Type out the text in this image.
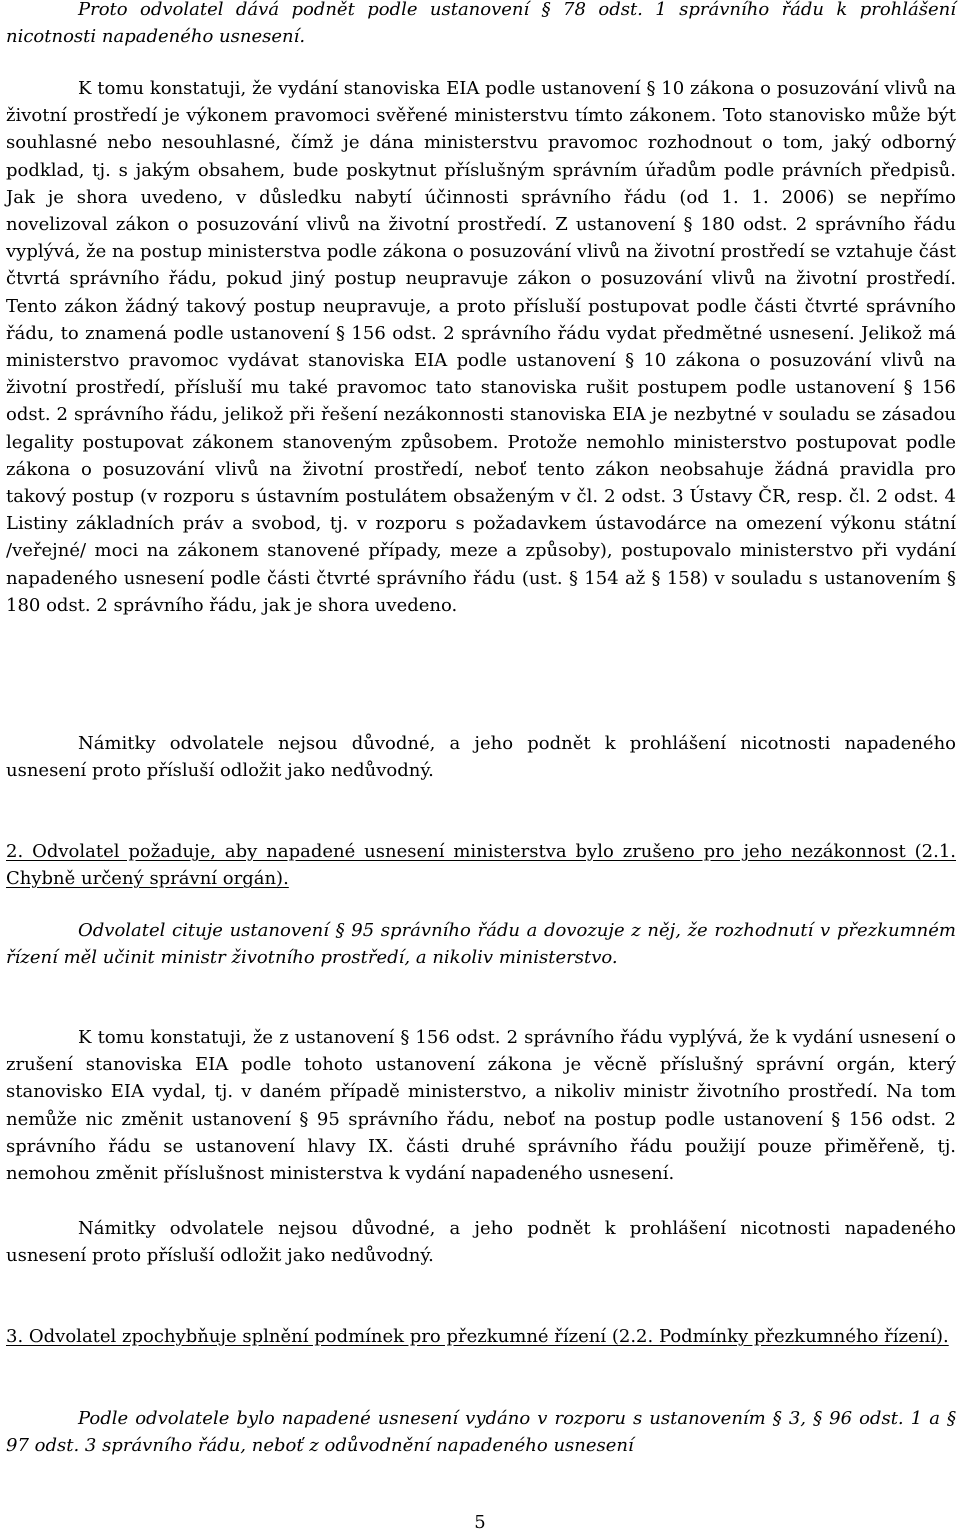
Proto odvolatel dává podnět podle ustanovení § 78 odst. 1 správního řádu k prohlášení nicotnosti napadeného usnesení.

K tomu konstatuji, že vydání stanoviska EIA podle ustanovení § 10 zákona o posuzování vlivů na životní prostředí je výkonem pravomoci svěřené ministerstvu tímto zákonem. Toto stanovisko může být souhlasné nebo nesouhlasné, čímž je dána ministerstvu pravomoc rozhodnout o tom, jaký odborný podklad, tj. s jakým obsahem, bude poskytnut příslušným správním úřadům podle právních předpisů. Jak je shora uvedeno, v důsledku nabytí účinnosti správního řádu (od 1. 1. 2006) se nepřímo novelizoval zákon o posuzování vlivů na životní prostředí. Z ustanovení § 180 odst. 2 správního řádu vyplývá, že na postup ministerstva podle zákona o posuzování vlivů na životní prostředí se vztahuje část čtvrtá správního řádu, pokud jiný postup neupravuje zákon o posuzování vlivů na životní prostředí. Tento zákon žádný takový postup neupravuje, a proto přísluší postupovat podle části čtvrté správního řádu, to znamená podle ustanovení § 156 odst. 2 správního řádu vydat předmětné usnesení. Jelikož má ministerstvo pravomoc vydávat stanoviska EIA podle ustanovení § 10 zákona o posuzování vlivů na životní prostředí, přísluší mu také pravomoc tato stanoviska rušit postupem podle ustanovení § 156 odst. 2 správního řádu, jelikož při řešení nezákonnosti stanoviska EIA je nezbytné v souladu se zásadou legality postupovat zákonem stanoveným způsobem. Protože nemohlo ministerstvo postupovat podle zákona o posuzování vlivů na životní prostředí, neboť tento zákon neobsahuje žádná pravidla pro takový postup (v rozporu s ústavním postulátem obsaženým v čl. 2 odst. 3 Ústavy ČR, resp. čl. 2 odst. 4 Listiny základních práv a svobod, tj. v rozporu s požadavkem ústavodárce na omezení výkonu státní /veřejné/ moci na zákonem stanovené případy, meze a způsoby), postupovalo ministerstvo při vydání napadeného usnesení podle části čtvrté správního řádu (ust. § 154 až § 158) v souladu s ustanovením § 180 odst. 2 správního řádu, jak je shora uvedeno.

Námitky odvolatele nejsou důvodné, a jeho podnět k prohlášení nicotnosti napadeného usnesení proto přísluší odložit jako nedůvodný.

2. Odvolatel požaduje, aby napadené usnesení ministerstva bylo zrušeno pro jeho nezákonnost (2.1. Chybně určený správní orgán).

Odvolatel cituje ustanovení § 95 správního řádu a dovozuje z něj, že rozhodnutí v přezkumném řízení měl učinit ministr životního prostředí, a nikoliv ministerstvo.

K tomu konstatuji, že z ustanovení § 156 odst. 2 správního řádu vyplývá, že k vydání usnesení o zrušení stanoviska EIA podle tohoto ustanovení zákona je věcně příslušný správní orgán, který stanovisko EIA vydal, tj. v daném případě ministerstvo, a nikoliv ministr životního prostředí. Na tom nemůže nic změnit ustanovení § 95 správního řádu, neboť na postup podle ustanovení § 156 odst. 2 správního řádu se ustanovení hlavy IX. části druhé správního řádu použijí pouze přiměřeně, tj. nemohou změnit příslušnost ministerstva k vydání napadeného usnesení.

Námitky odvolatele nejsou důvodné, a jeho podnět k prohlášení nicotnosti napadeného usnesení proto přísluší odložit jako nedůvodný.

3. Odvolatel zpochybňuje splnění podmínek pro přezkumné řízení (2.2. Podmínky přezkumného řízení).

Podle odvolatele bylo napadené usnesení vydáno v rozporu s ustanovením § 3, § 96 odst. 1 a § 97 odst. 3 správního řádu, neboť z odůvodnění napadeného usnesení

5
